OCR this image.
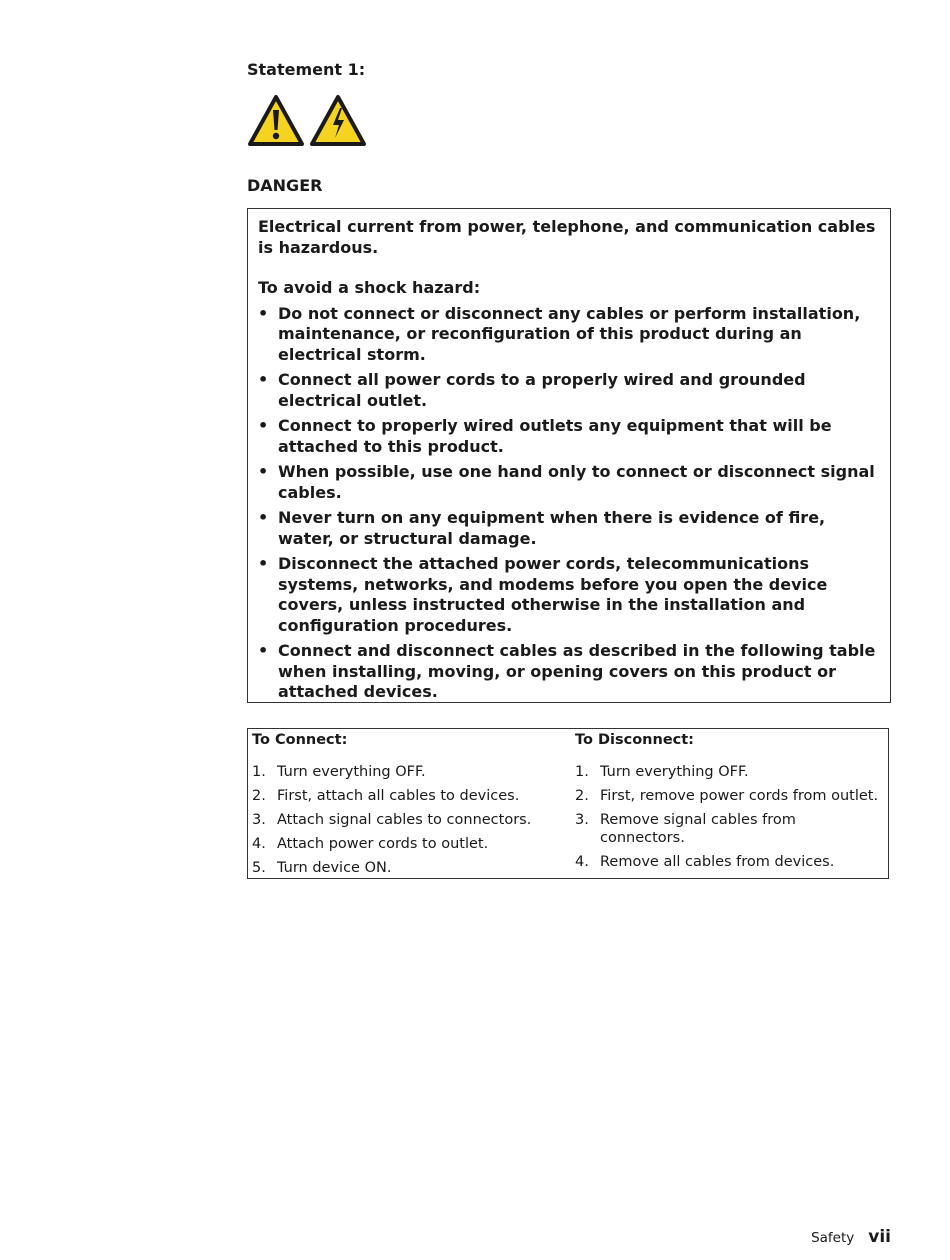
Statement 1:
DANGER

Electrical current from power, telephone, and communication cables is hazardous.

To avoid a shock hazard:

• Do not connect or disconnect any cables or perform installation, maintenance, or reconfiguration of this product during an electrical storm.
• Connect all power cords to a properly wired and grounded electrical outlet.
• Connect to properly wired outlets any equipment that will be attached to this product.
• When possible, use one hand only to connect or disconnect signal cables.
• Never turn on any equipment when there is evidence of fire, water, or structural damage.
• Disconnect the attached power cords, telecommunications systems, networks, and modems before you open the device covers, unless instructed otherwise in the installation and configuration procedures.
• Connect and disconnect cables as described in the following table when installing, moving, or opening covers on this product or attached devices.
To Connect:
1. Turn everything OFF.
2. First, attach all cables to devices.
3. Attach signal cables to connectors.
4. Attach power cords to outlet.
5. Turn device ON.
To Disconnect:
1. Turn everything OFF.
2. First, remove power cords from outlet.
3. Remove signal cables from connectors.
4. Remove all cables from devices.
Safety vii
